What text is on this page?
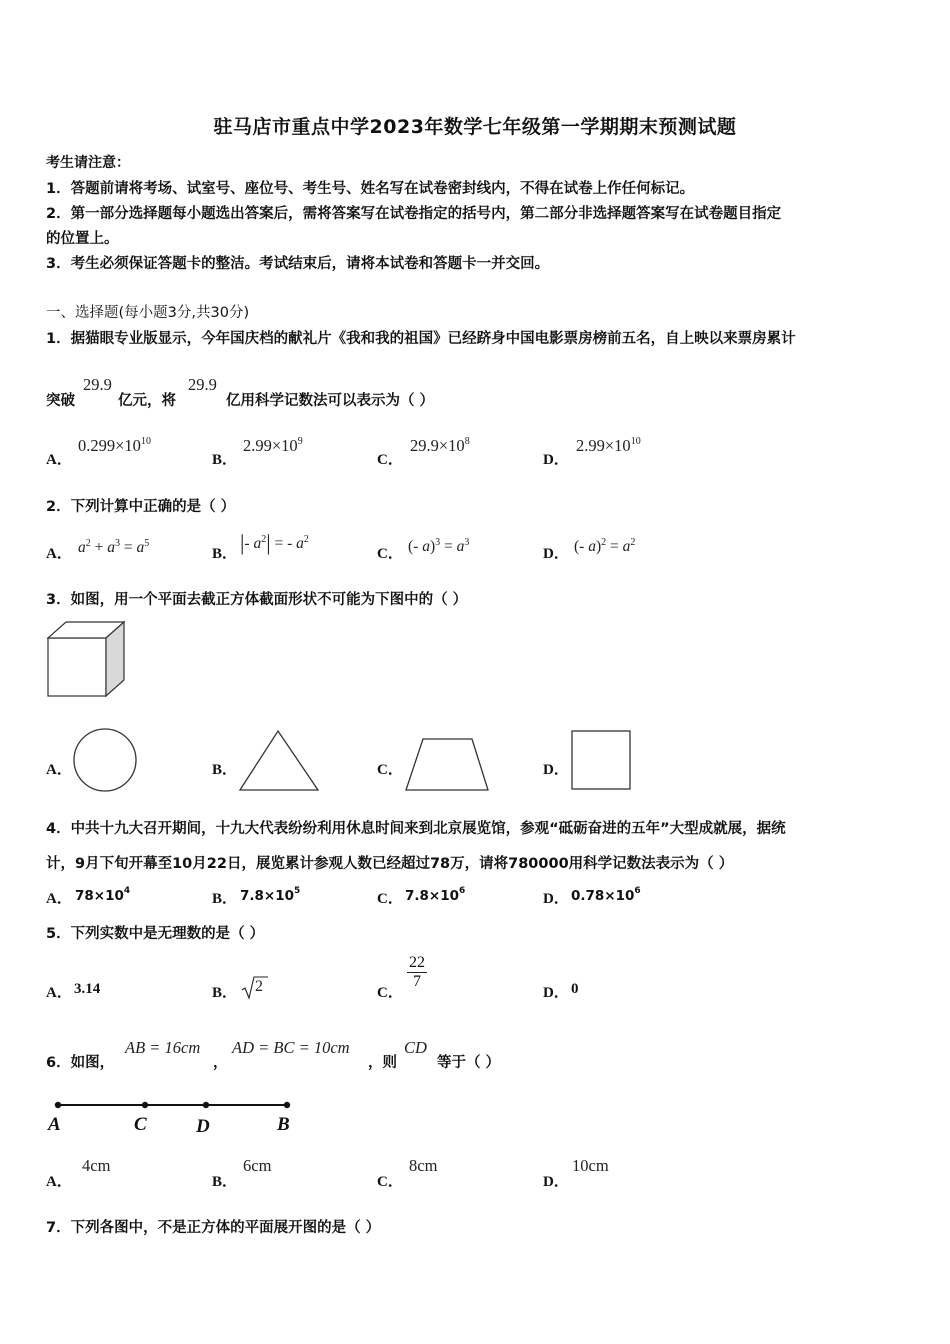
驻马店市重点中学2023年数学七年级第一学期期末预测试题
考生请注意：
1．答题前请将考场、试室号、座位号、考生号、姓名写在试卷密封线内，不得在试卷上作任何标记。
2．第一部分选择题每小题选出答案后，需将答案写在试卷指定的括号内，第二部分非选择题答案写在试卷题目指定
的位置上。
3．考生必须保证答题卡的整洁。考试结束后，请将本试卷和答题卡一并交回。
一、选择题(每小题3分,共30分)
1．据猫眼专业版显示，今年国庆档的献礼片《我和我的祖国》已经跻身中国电影票房榜前五名，自上映以来票房累计
突破
29.9
亿元，将
29.9
亿用科学记数法可以表示为（ ）
A．
$0.299\times 10^{10}$
B．
$2.99\times 10^9$
C．
$29.9\times 10^8$
D．
$2.99\times 10^{10}$
2．下列计算中正确的是（ ）
A． $a^2 + a^3 = a^5$
B． |- $a^2|$ = - $a^2$
C． (- $a)^3 = a^3$
D． (- $a)^2 = a^2$
3．如图，用一个平面去截正方体截面形状不可能为下图中的（ ）
A．	B．	C．	D．
4．中共十九大召开期间，十九大代表纷纷利用休息时间来到北京展览馆，参观“砥砺奋进的五年”大型成就展，据统
计，9月下旬开幕至10月22日，展览累计参观人数已经超过78万，请将780000用科学记数法表示为（ ）
A． $78\times 10^4$	B． $7.8\times 10^5$	C． $7.8\times 10^6$	D． $0.78\times 10^6$
5．下列实数中是无理数的是（ ）
A． 3.14	B． 2	C．
$\frac{22}{7}$
D． 0
6．如图，
AB = 16cm
，
AD = BC = 10cm
，则
CD
等于（ ）
A	C	D	B
A．
4cm
B．
6cm
C．
8cm
D．
10cm
7．下列各图中，不是正方体的平面展开图的是（ ）
